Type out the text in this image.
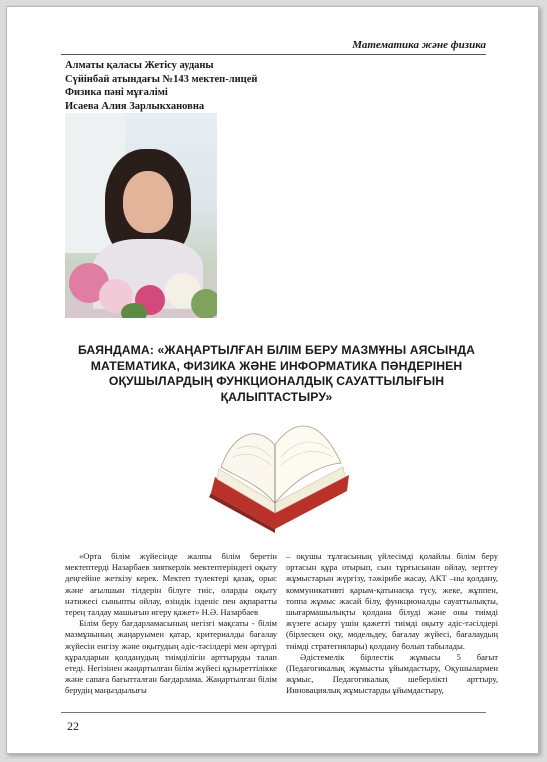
Математика және физика
Алматы қаласы Жетісу ауданы
Сүйінбай атындағы №143 мектеп-лицей
Физика пәні мұғалімі
Исаева Алия Зарлыкхановна
БАЯНДАМА: «ЖАҢАРТЫЛҒАН БІЛІМ БЕРУ МАЗМҰНЫ АЯСЫНДА МАТЕМАТИКА, ФИЗИКА ЖӘНЕ ИНФОРМАТИКА ПӘНДЕРІНЕН ОҚУШЫЛАРДЫҢ ФУНКЦИОНАЛДЫҚ САУАТТЫЛЫҒЫН ҚАЛЫПТАСТЫРУ»

«Орта білім жүйесінде жалпы білім беретін мектептерді Назарбаев зияткерлік мектептеріндегі оқыту деңгейіне жеткізу керек. Мектеп түлектері қазақ, орыс және ағылшын тілдерін білуге тиіс, оларды оқыту нәтижесі сыныпты ойлау, өзіндік ізденіс пен ақпаратты терең талдау машығын игеру қажет» Н.Ә. Назарбаев

Білім беру бағдарламасының негізгі мақсаты - білім мазмұнының жаңаруымен қатар, критериалды бағалау жүйесін енгізу және оқытудың әдіс-тәсілдері мен әртүрлі құралдарын қолданудың тиімділігін арттыруды талап етеді. Негізінен жаңартылған білім жүйесі құзыреттілікке және сапаға бағытталған бағдарлама. Жаңартылған білім берудің маңыздылығы

– оқушы тұлғасының үйлесімді қолайлы білім беру ортасын құра отырып, сын тұрғысынан ойлау, зерттеу жұмыстарын жүргізу, тәжірибе жасау, АКТ –ны қолдану, коммуникативті қарым-қатынасқа түсу, жеке, жұппен, топпа жұмыс жасай білу, функционалды сауаттылықты, шығармашылықты қолдана білуді және оны тиімді жүзеге асыру үшін қажетті тиімді оқыту әдіс-тәсілдері (бірлескен оқу, модельдеу, бағалау жүйесі, бағалаудың тиімді стратегиялары) қолдану болып табылады.

Әдістемелік бірлестік жұмысы 5 бағыт (Педагогикалық жұмысты ұйымдастыру, Оқушылармен жұмыс, Педагогикалық шеберлікті арттыру, Инновациялық жұмыстарды ұйымдастыру,

22
